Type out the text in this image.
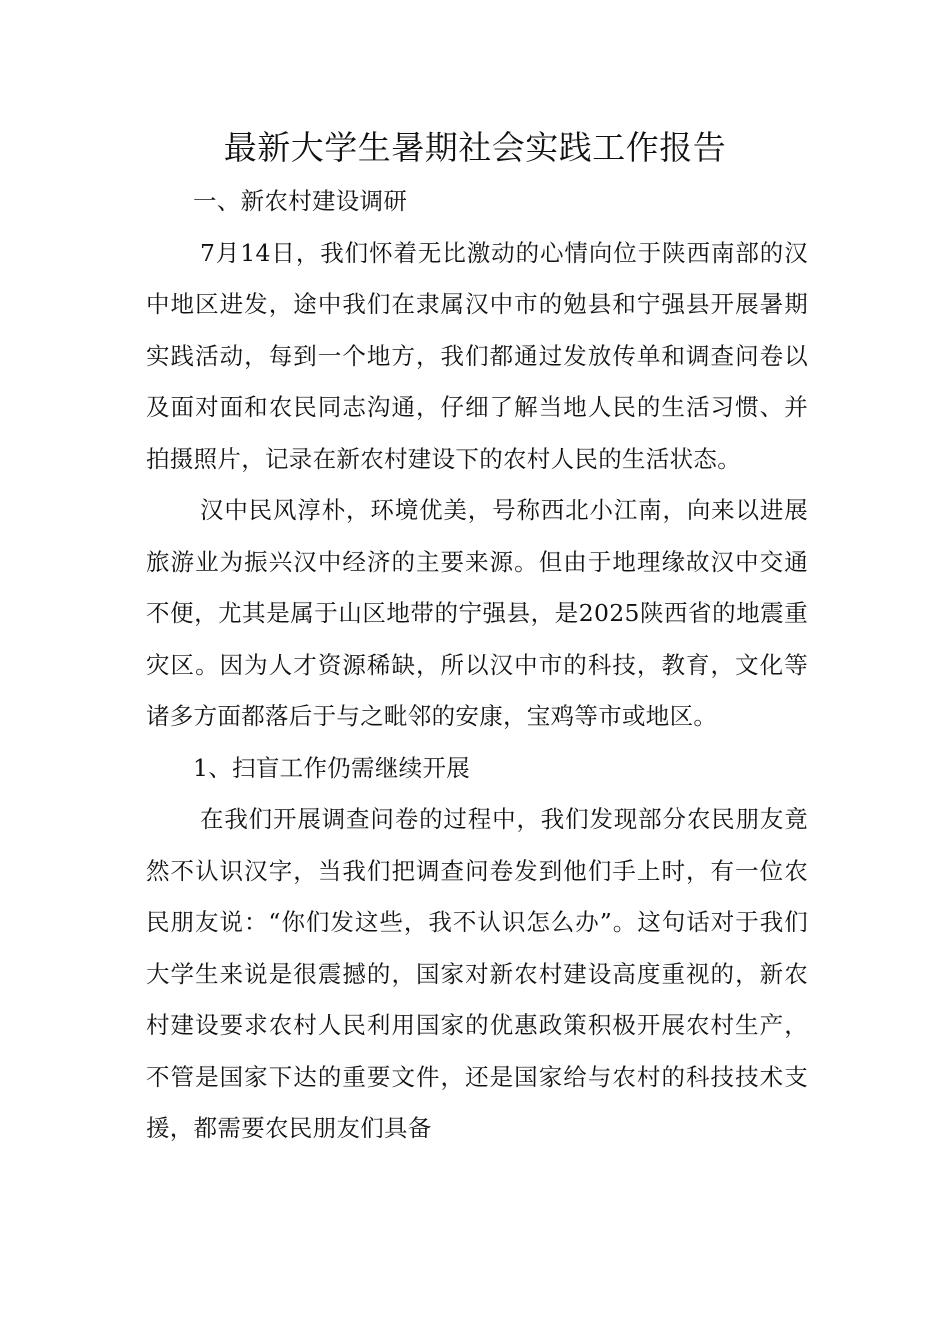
最新大学生暑期社会实践工作报告
一、新农村建设调研

7月14日，我们怀着无比激动的心情向位于陕西南部的汉中地区进发，途中我们在隶属汉中市的勉县和宁强县开展暑期实践活动，每到一个地方，我们都通过发放传单和调查问卷以及面对面和农民同志沟通，仔细了解当地人民的生活习惯、并拍摄照片，记录在新农村建设下的农村人民的生活状态。

汉中民风淳朴，环境优美，号称西北小江南，向来以进展旅游业为振兴汉中经济的主要来源。但由于地理缘故汉中交通不便，尤其是属于山区地带的宁强县，是2025陕西省的地震重灾区。因为人才资源稀缺，所以汉中市的科技，教育，文化等诸多方面都落后于与之毗邻的安康，宝鸡等市或地区。

1、扫盲工作仍需继续开展

在我们开展调查问卷的过程中，我们发现部分农民朋友竟然不认识汉字，当我们把调查问卷发到他们手上时，有一位农民朋友说：“你们发这些，我不认识怎么办”。这句话对于我们大学生来说是很震撼的，国家对新农村建设高度重视的，新农村建设要求农村人民利用国家的优惠政策积极开展农村生产，不管是国家下达的重要文件，还是国家给与农村的科技技术支援，都需要农民朋友们具备
